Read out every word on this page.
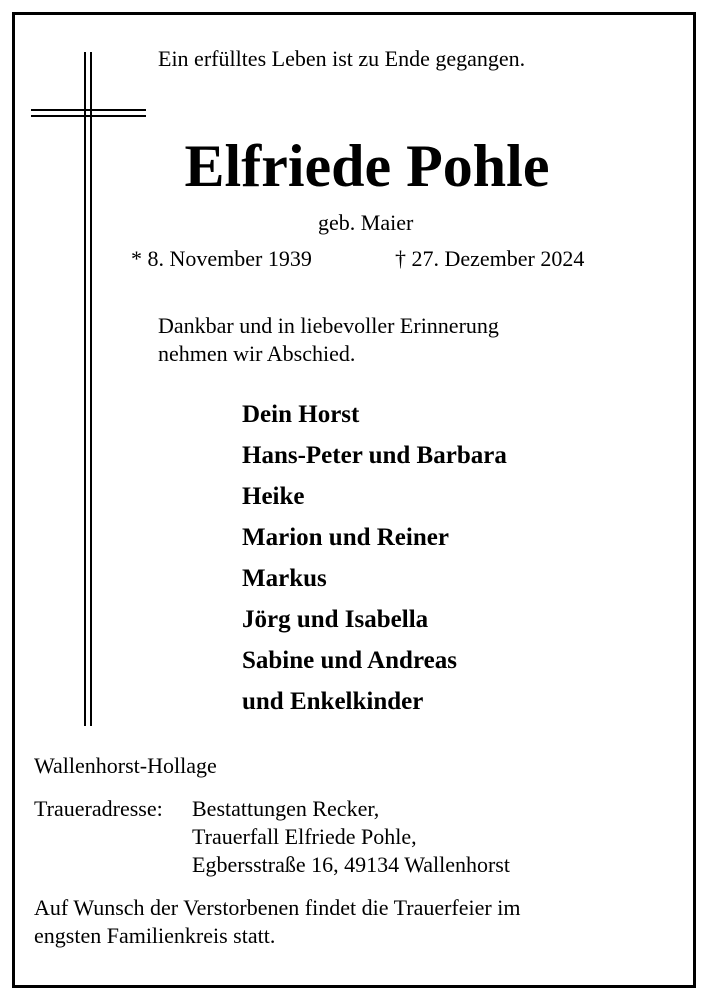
Ein erfülltes Leben ist zu Ende gegangen.
Elfriede Pohle
geb. Maier
* 8. November 1939	† 27. Dezember 2024
Dankbar und in liebevoller Erinnerung
nehmen wir Abschied.
Dein Horst
Hans-Peter und Barbara
Heike
Marion und Reiner
Markus
Jörg und Isabella
Sabine und Andreas
und Enkelkinder
Wallenhorst-Hollage
Traueradresse: Bestattungen Recker,
Trauerfall Elfriede Pohle,
Egbersstraße 16, 49134 Wallenhorst
Auf Wunsch der Verstorbenen findet die Trauerfeier im
engsten Familienkreis statt.
